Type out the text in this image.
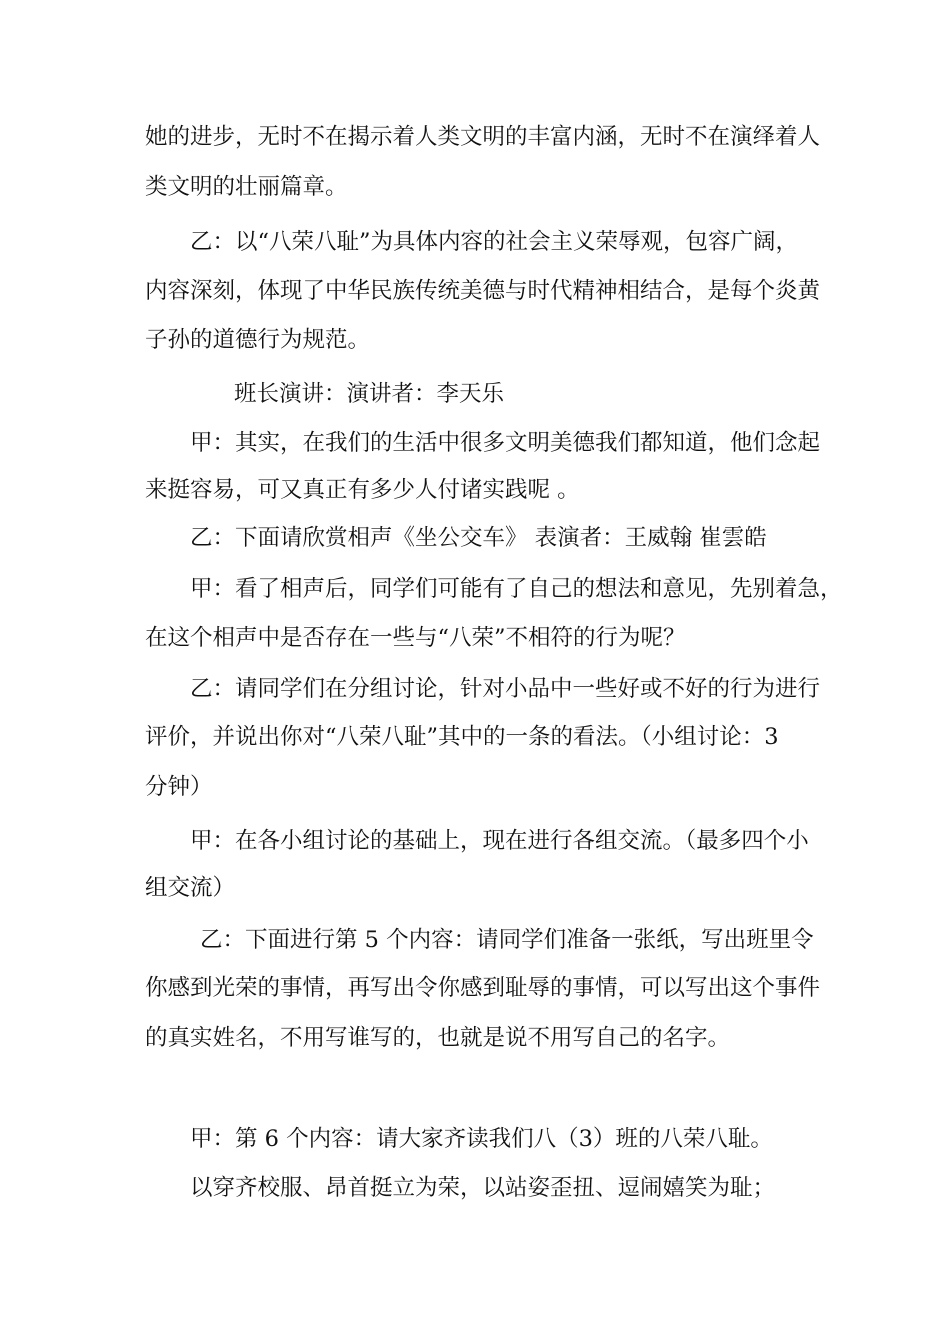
她的进步，无时不在揭示着人类文明的丰富内涵，无时不在演绎着人
类文明的壮丽篇章。
乙：以“八荣八耻”为具体内容的社会主义荣辱观，包容广阔，
内容深刻，体现了中华民族传统美德与时代精神相结合，是每个炎黄
子孙的道德行为规范。
班长演讲：演讲者：李天乐
甲：其实，在我们的生活中很多文明美德我们都知道，他们念起
来挺容易，可又真正有多少人付诸实践呢 。
乙：下面请欣赏相声《坐公交车》 表演者：王威翰 崔雲皓
甲：看了相声后，同学们可能有了自己的想法和意见，先别着急，
在这个相声中是否存在一些与“八荣”不相符的行为呢？
乙：请同学们在分组讨论，针对小品中一些好或不好的行为进行
评价，并说出你对“八荣八耻”其中的一条的看法。（小组讨论：3
分钟）
甲：在各小组讨论的基础上，现在进行各组交流。（最多四个小
组交流）
乙：下面进行第 5 个内容：请同学们准备一张纸，写出班里令
你感到光荣的事情，再写出令你感到耻辱的事情，可以写出这个事件
的真实姓名，不用写谁写的，也就是说不用写自己的名字。
甲：第 6 个内容：请大家齐读我们八（3）班的八荣八耻。
以穿齐校服、昂首挺立为荣，以站姿歪扭、逗闹嬉笑为耻；
